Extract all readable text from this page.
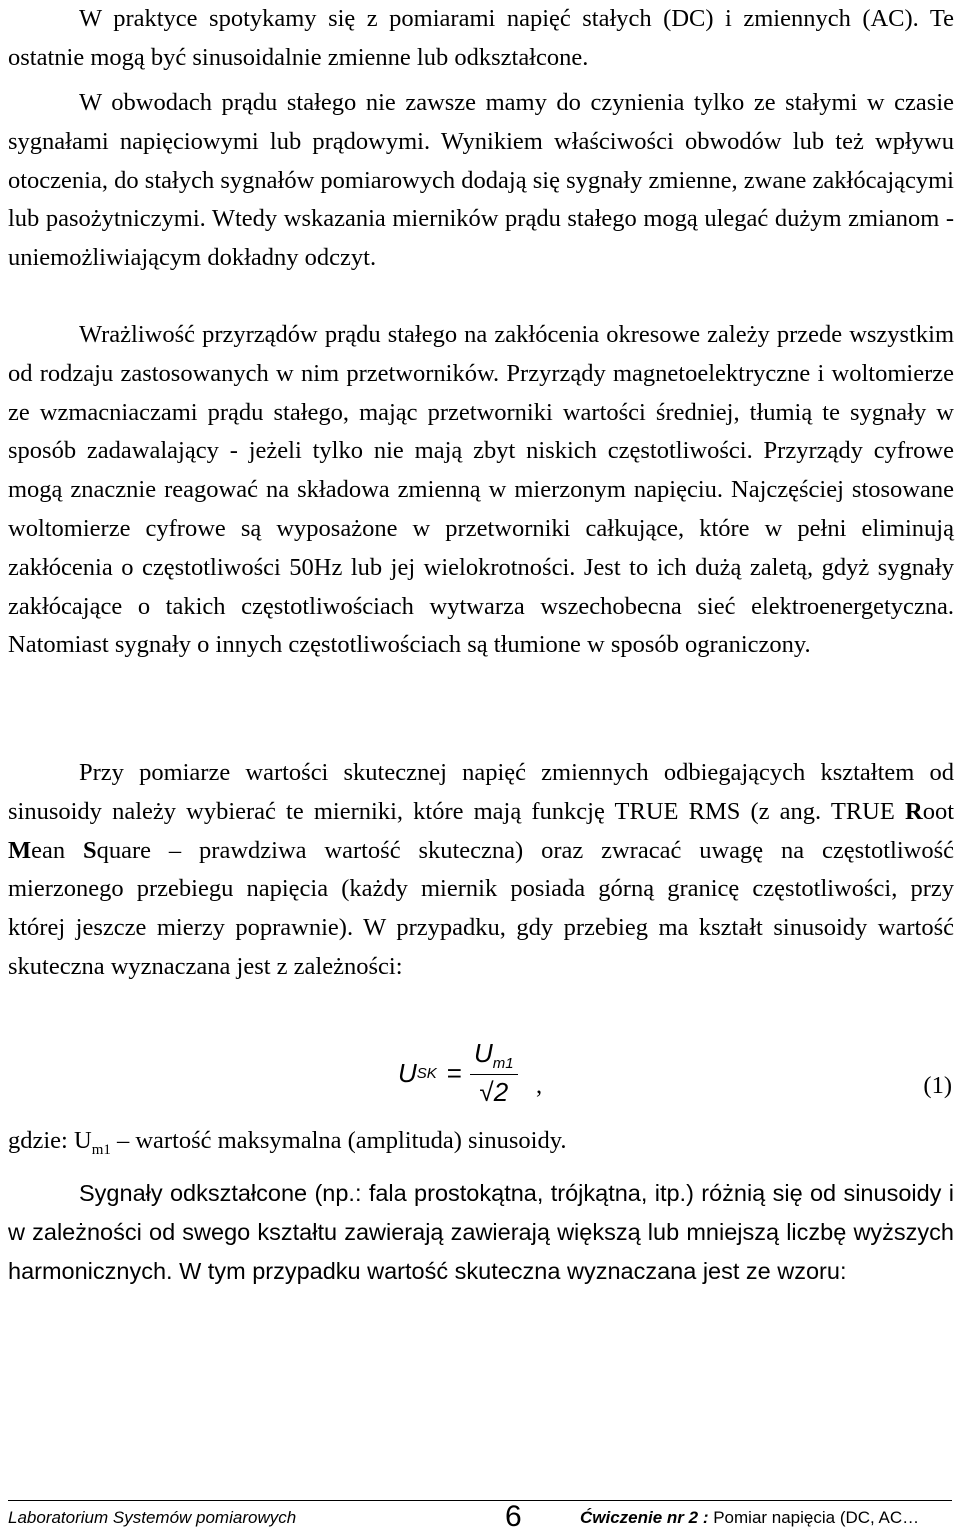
W praktyce spotykamy się z pomiarami napięć stałych (DC) i zmiennych (AC). Te ostatnie mogą być sinusoidalnie zmienne lub odkształcone.

W obwodach prądu stałego nie zawsze mamy do czynienia tylko ze stałymi w czasie sygnałami napięciowymi lub prądowymi. Wynikiem właściwości obwodów lub też wpływu otoczenia, do stałych sygnałów pomiarowych dodają się sygnały zmienne, zwane zakłócającymi lub pasożytniczymi. Wtedy wskazania mierników prądu stałego mogą ulegać dużym zmianom - uniemożliwiającym dokładny odczyt.

Wrażliwość przyrządów prądu stałego na zakłócenia okresowe zależy przede wszystkim od rodzaju zastosowanych w nim przetworników. Przyrządy magnetoelektryczne i woltomierze ze wzmacniaczami prądu stałego, mając przetworniki wartości średniej, tłumią te sygnały w sposób zadawalający - jeżeli tylko nie mają zbyt niskich częstotliwości. Przyrządy cyfrowe mogą znacznie reagować na składowa zmienną w mierzonym napięciu. Najczęściej stosowane woltomierze cyfrowe są wyposażone w przetworniki całkujące, które w pełni eliminują zakłócenia o częstotliwości 50Hz lub jej wielokrotności. Jest to ich dużą zaletą, gdyż sygnały zakłócające o takich częstotliwościach wytwarza wszechobecna sieć elektroenergetyczna. Natomiast sygnały o innych częstotliwościach są tłumione w sposób ograniczony.

Przy pomiarze wartości skutecznej napięć zmiennych odbiegających kształtem od sinusoidy należy wybierać te mierniki, które mają funkcję TRUE RMS (z ang. TRUE Root Mean Square – prawdziwa wartość skuteczna) oraz zwracać uwagę na częstotliwość mierzonego przebiegu napięcia (każdy miernik posiada górną granicę częstotliwości, przy której jeszcze mierzy poprawnie). W przypadku, gdy przebieg ma kształt sinusoidy wartość skuteczna wyznaczana jest z zależności:

U SK = $\frac{U_{m1}}{√2}$ ,	(1)

gdzie: $U_{m1}$ – wartość maksymalna (amplituda) sinusoidy.

Sygnały odkształcone (np.: fala prostokątna, trójkątna, itp.) różnią się od sinusoidy i w zależności od swego kształtu zawierają zawierają większą lub mniejszą liczbę wyższych harmonicznych. W tym przypadku wartość skuteczna wyznaczana jest ze wzoru:

Laboratorium Systemów pomiarowych	6	Ćwiczenie nr 2 : Pomiar napięcia (DC, AC…
